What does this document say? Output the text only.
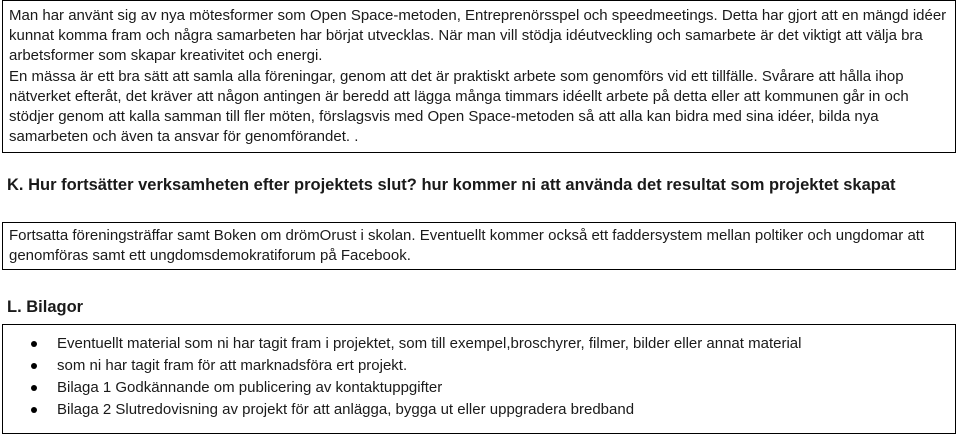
Man har använt sig av nya mötesformer som Open Space-metoden, Entreprenörsspel och speedmeetings. Detta har gjort att en mängd idéer kunnat komma fram och några samarbeten har börjat utvecklas. När man vill stödja idéutveckling och samarbete är det viktigt att välja bra arbetsformer som skapar kreativitet och energi.

En mässa är ett bra sätt att samla alla föreningar, genom att det är praktiskt arbete som genomförs vid ett tillfälle. Svårare att hålla ihop nätverket efteråt, det kräver att någon antingen är beredd att lägga många timmars idéellt arbete på detta eller att kommunen går in och stödjer genom att kalla samman till fler möten, förslagsvis med Open Space-metoden så att alla kan bidra med sina idéer, bilda nya samarbeten och även ta ansvar för genomförandet. .

K. Hur fortsätter verksamheten efter projektets slut? hur kommer ni att använda det resultat som projektet skapat

Fortsatta föreningsträffar samt Boken om drömOrust i skolan. Eventuellt kommer också ett faddersystem mellan poltiker och ungdomar att genomföras samt ett ungdomsdemokratiforum på Facebook.

L. Bilagor
Eventuellt material som ni har tagit fram i projektet, som till exempel,broschyrer, filmer, bilder eller annat material
som ni har tagit fram för att marknadsföra ert projekt.
Bilaga 1 Godkännande om publicering av kontaktuppgifter
Bilaga 2 Slutredovisning av projekt för att anlägga, bygga ut eller uppgradera bredband
